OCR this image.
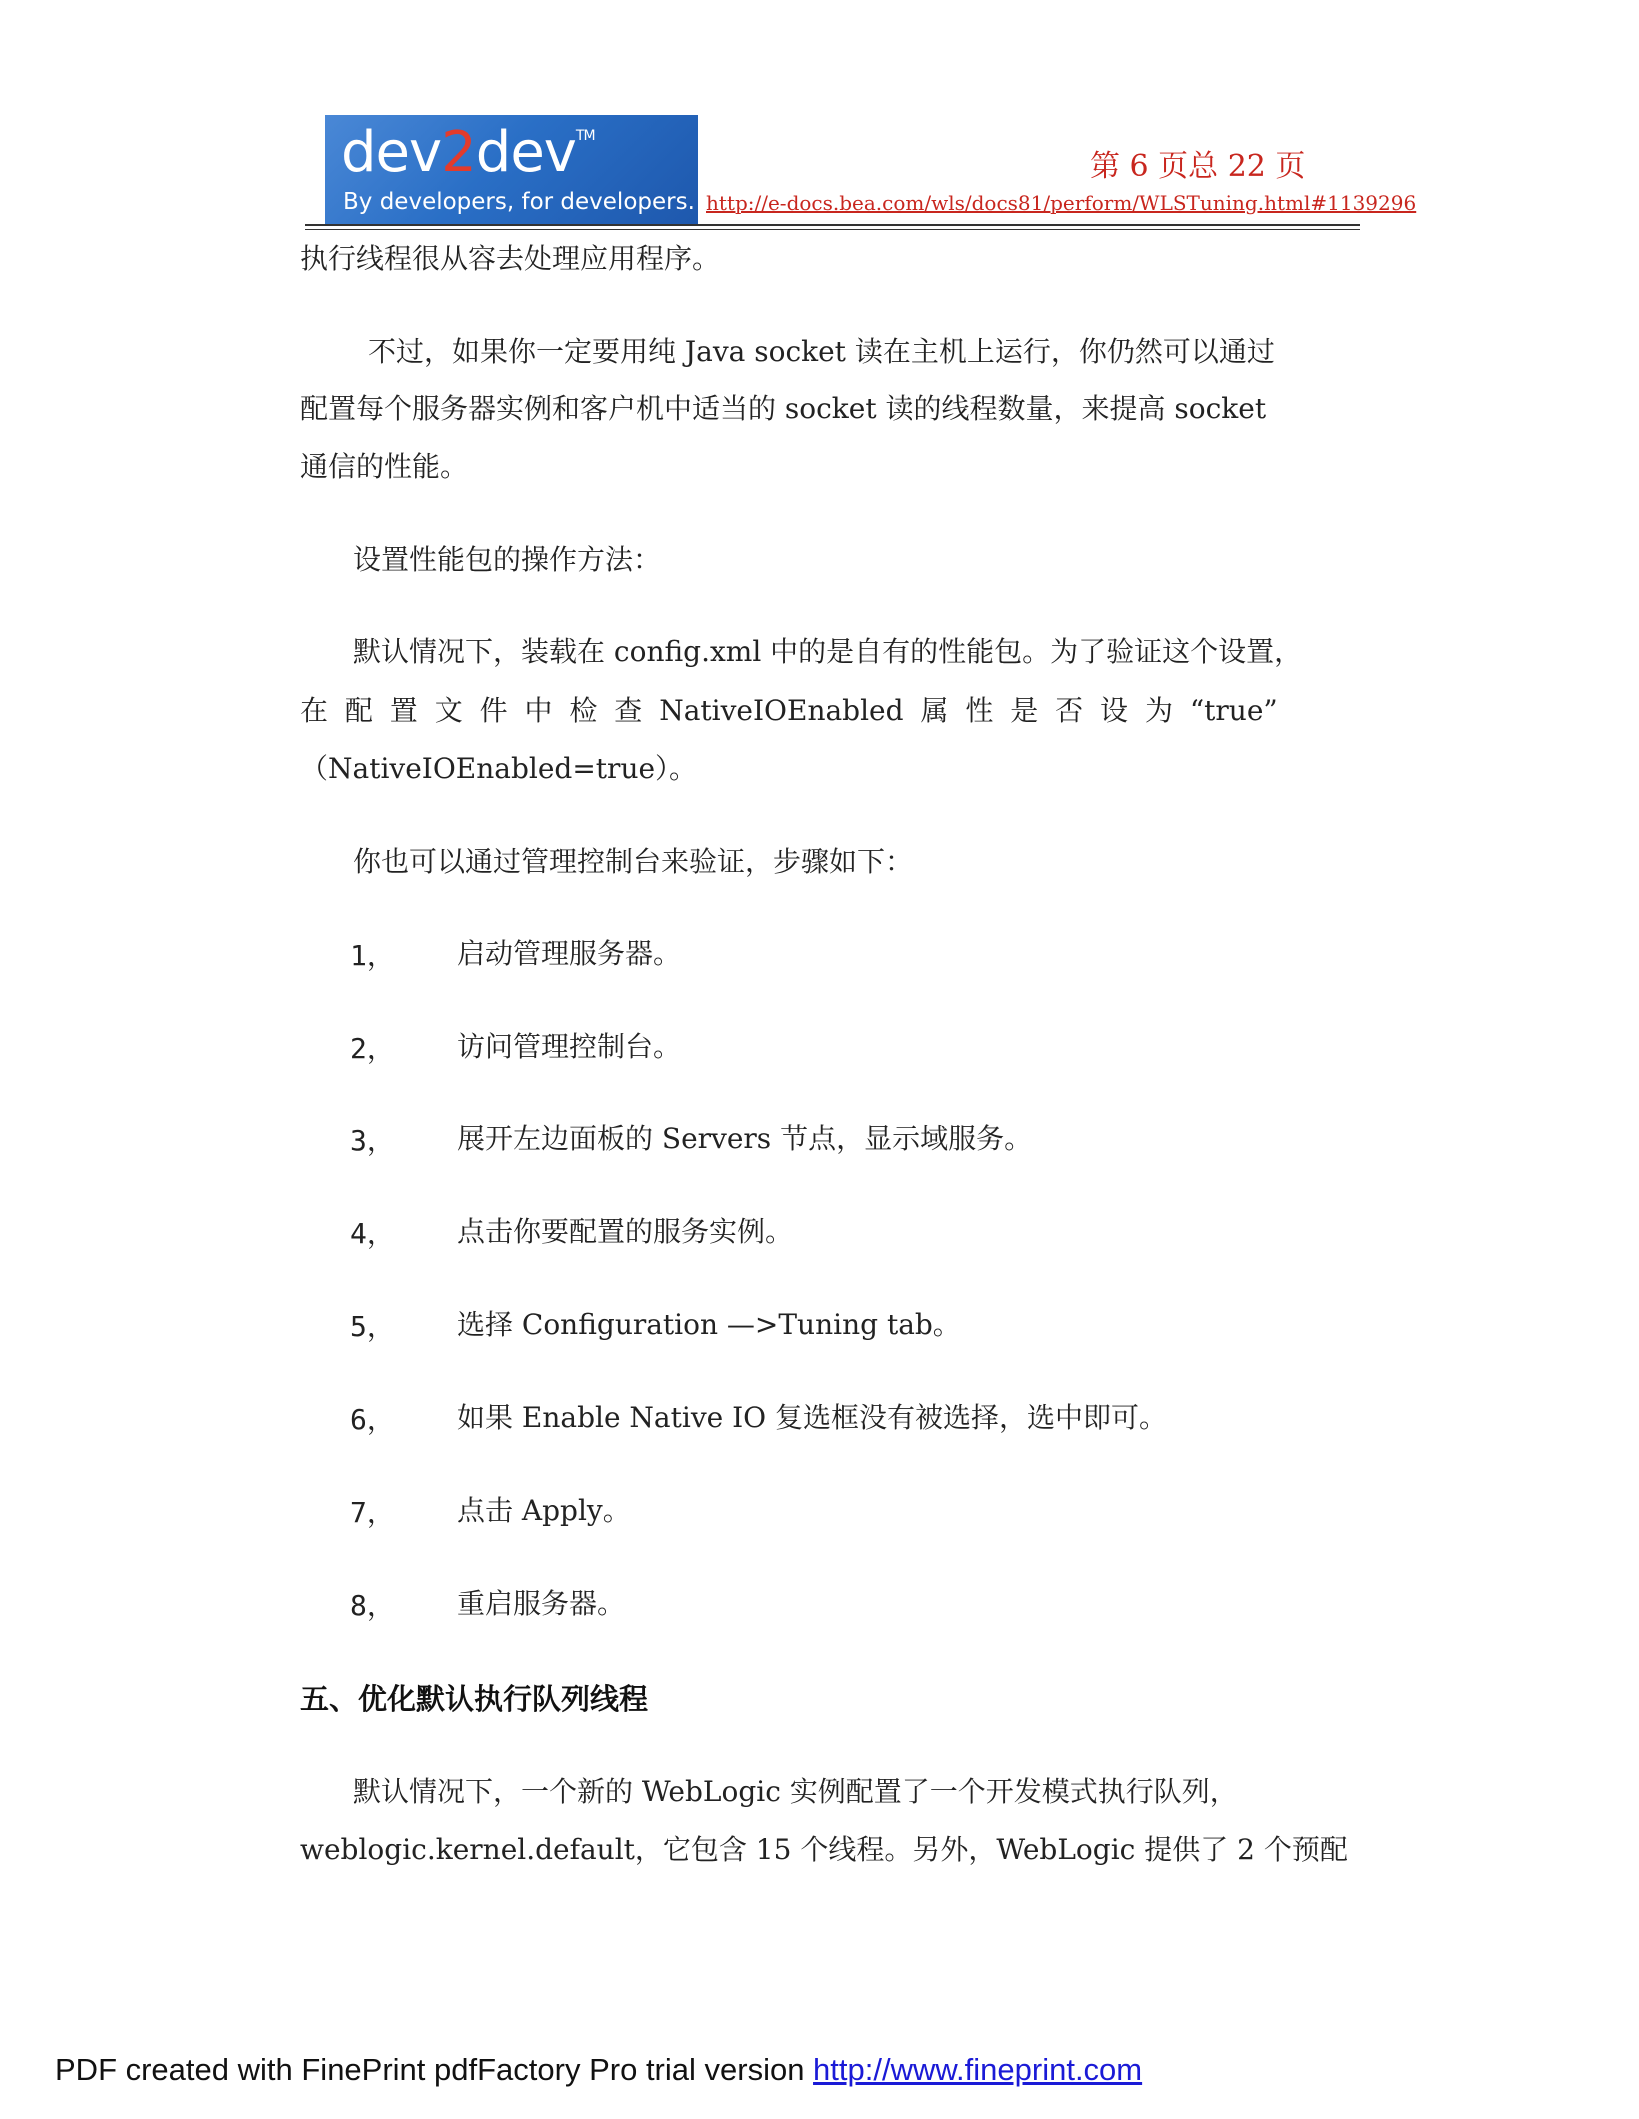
dev2dev™
By developers, for developers.
第 6 页总 22 页
http://e-docs.bea.com/wls/docs81/perform/WLSTuning.html#1139296
执行线程很从容去处理应用程序。
不过，如果你一定要用纯 Java socket 读在主机上运行，你仍然可以通过
配置每个服务器实例和客户机中适当的 socket 读的线程数量，来提高 socket
通信的性能。
设置性能包的操作方法：
默认情况下，装载在 config.xml 中的是自有的性能包。为了验证这个设置，
在 配 置 文 件 中 检 查 NativeIOEnabled 属 性 是 否 设 为 “true”
（NativeIOEnabled=true）。
你也可以通过管理控制台来验证，步骤如下：
1， 启动管理服务器。
2， 访问管理控制台。
3， 展开左边面板的 Servers 节点，显示域服务。
4， 点击你要配置的服务实例。
5， 选择 Configuration —>Tuning tab。
6， 如果 Enable Native IO 复选框没有被选择，选中即可。
7， 点击 Apply。
8， 重启服务器。
五、优化默认执行队列线程
默认情况下，一个新的 WebLogic 实例配置了一个开发模式执行队列，
weblogic.kernel.default，它包含 15 个线程。另外，WebLogic 提供了 2 个预配
PDF created with FinePrint pdfFactory Pro trial version http://www.fineprint.com
